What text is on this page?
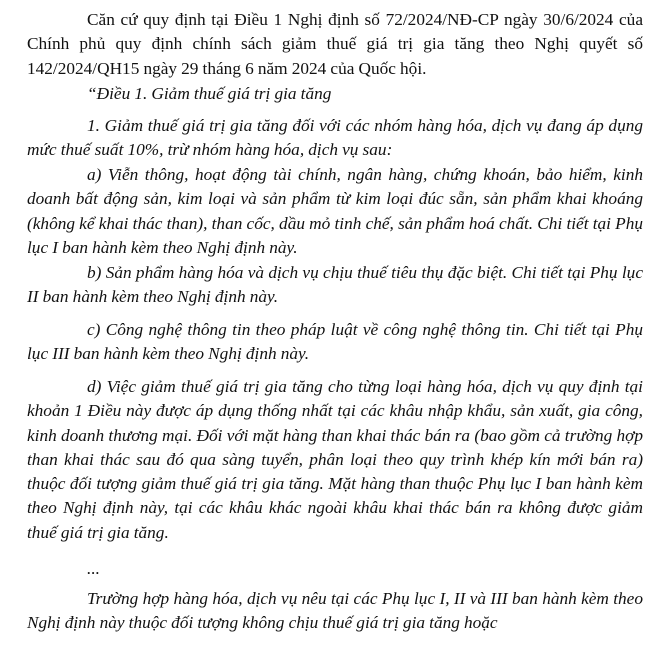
Căn cứ quy định tại Điều 1 Nghị định số 72/2024/NĐ-CP ngày 30/6/2024 của Chính phủ quy định chính sách giảm thuế giá trị gia tăng theo Nghị quyết số 142/2024/QH15 ngày 29 tháng 6 năm 2024 của Quốc hội.

“Điều 1. Giảm thuế giá trị gia tăng

1. Giảm thuế giá trị gia tăng đối với các nhóm hàng hóa, dịch vụ đang áp dụng mức thuế suất 10%, trừ nhóm hàng hóa, dịch vụ sau:

a) Viễn thông, hoạt động tài chính, ngân hàng, chứng khoán, bảo hiểm, kinh doanh bất động sản, kim loại và sản phẩm từ kim loại đúc sẵn, sản phẩm khai khoáng (không kể khai thác than), than cốc, dầu mỏ tinh chế, sản phẩm hoá chất. Chi tiết tại Phụ lục I ban hành kèm theo Nghị định này.

b) Sản phẩm hàng hóa và dịch vụ chịu thuế tiêu thụ đặc biệt. Chi tiết tại Phụ lục II ban hành kèm theo Nghị định này.

c) Công nghệ thông tin theo pháp luật về công nghệ thông tin. Chi tiết tại Phụ lục III ban hành kèm theo Nghị định này.

d) Việc giảm thuế giá trị gia tăng cho từng loại hàng hóa, dịch vụ quy định tại khoản 1 Điều này được áp dụng thống nhất tại các khâu nhập khẩu, sản xuất, gia công, kinh doanh thương mại. Đối với mặt hàng than khai thác bán ra (bao gồm cả trường hợp than khai thác sau đó qua sàng tuyển, phân loại theo quy trình khép kín mới bán ra) thuộc đối tượng giảm thuế giá trị gia tăng. Mặt hàng than thuộc Phụ lục I ban hành kèm theo Nghị định này, tại các khâu khác ngoài khâu khai thác bán ra không được giảm thuế giá trị gia tăng.

...

Trường hợp hàng hóa, dịch vụ nêu tại các Phụ lục I, II và III ban hành kèm theo Nghị định này thuộc đối tượng không chịu thuế giá trị gia tăng hoặc
